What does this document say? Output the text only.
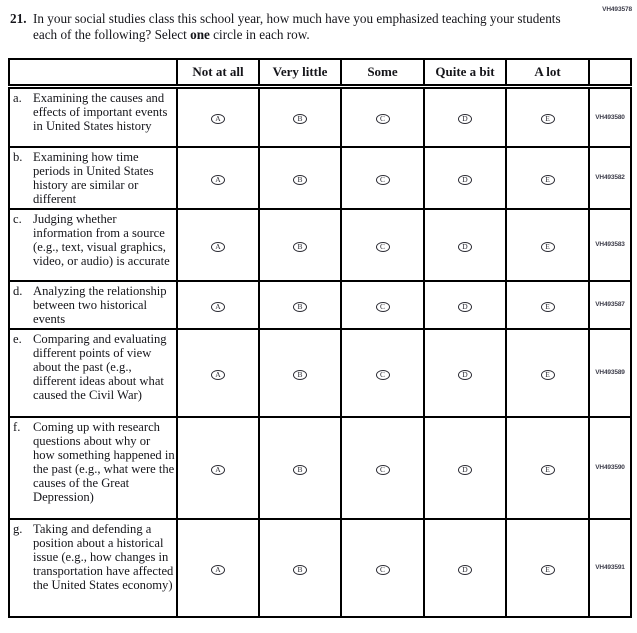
VH493578
21. In your social studies class this school year, how much have you emphasized teaching your students each of the following? Select one circle in each row.
	Not at all	Very little	Some	Quite a bit	A lot	

a. Examining the causes and effects of important events in United States history	A	B	C	D	E	VH493580

b. Examining how time periods in United States history are similar or different	A	B	C	D	E	VH493582

c. Judging whether information from a source (e.g., text, visual graphics, video, or audio) is accurate	A	B	C	D	E	VH493583

d. Analyzing the relationship between two historical events	A	B	C	D	E	VH493587

e. Comparing and evaluating different points of view about the past (e.g., different ideas about what caused the Civil War)	A	B	C	D	E	VH493589

f. Coming up with research questions about why or how something happened in the past (e.g., what were the causes of the Great Depression)	A	B	C	D	E	VH493590

g. Taking and defending a position about a historical issue (e.g., how changes in transportation have affected the United States economy)	A	B	C	D	E	VH493591
